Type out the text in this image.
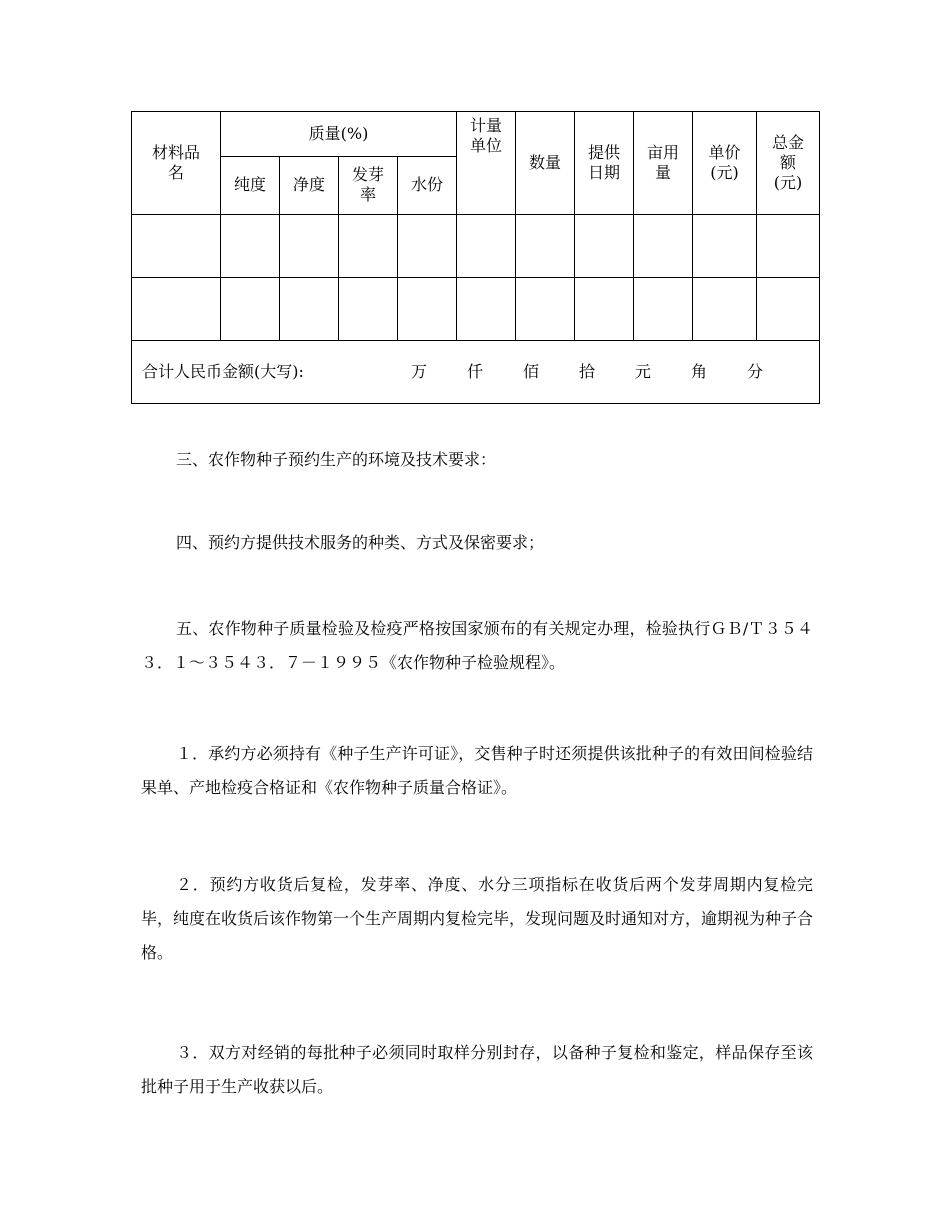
材料品名	质量(%)				计量单位	数量	提供日期	亩用量	单价(元)	总金额(元)

	纯度	净度	发芽率	水份						

合计人民币金额(大写): 万 仟 佰 拾 元 角 分										

三、农作物种子预约生产的环境及技术要求：

四、预约方提供技术服务的种类、方式及保密要求；

五、农作物种子质量检验及检疫严格按国家颁布的有关规定办理，检验执行ＧＢ/Ｔ３５４３．１～３５４３．７－１９９５《农作物种子检验规程》。

１．承约方必须持有《种子生产许可证》，交售种子时还须提供该批种子的有效田间检验结果单、产地检疫合格证和《农作物种子质量合格证》。

２．预约方收货后复检，发芽率、净度、水分三项指标在收货后两个发芽周期内复检完毕，纯度在收货后该作物第一个生产周期内复检完毕，发现问题及时通知对方，逾期视为种子合格。

３．双方对经销的每批种子必须同时取样分别封存，以备种子复检和鉴定，样品保存至该批种子用于生产收获以后。
